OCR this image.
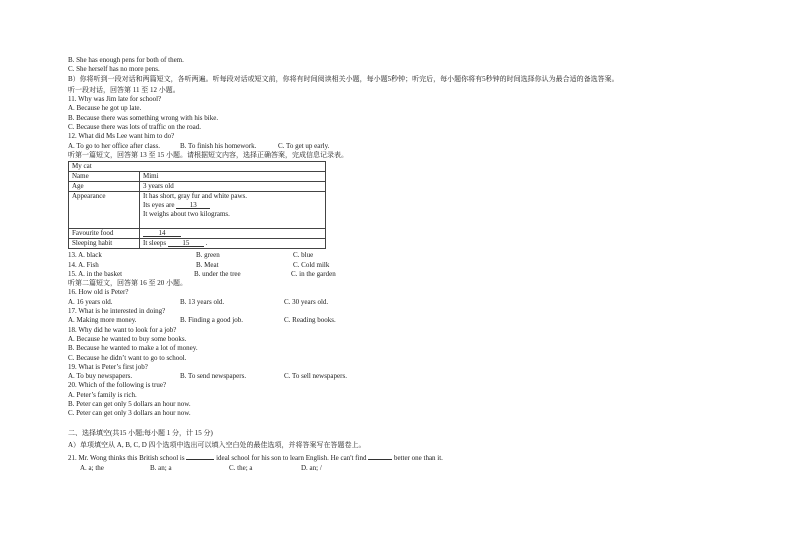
B. She has enough pens for both of them.
C. She herself has no more pens.
B）你将听到一段对话和两篇短文，各听两遍。听每段对话或短文前，你将有时间阅读相关小题，每小题5秒钟；听完后，每小题你将有5秒钟的时间选择你认为最合适的备选答案。
听一段对话，回答第 11 至 12 小题。
11. Why was Jim late for school?
A. Because he got up late.
B. Because there was something wrong with his bike.
C. Because there was lots of traffic on the road.
12. What did Ms Lee want him to do?
A. To go to her office after class.	B. To finish his homework.	C. To get up early.
听第一篇短文，回答第 13 至 15 小题。请根据短文内容，选择正确答案，完成信息记录表。
My cat	
Name	Mimi
Age	3 years old
Appearance	It has short, gray fur and white paws.
Its eyes are 13
It weighs about two kilograms.

Favourite food	14
Sleeping habit	It sleeps 15 .
13. A. black	B. green	C. blue
14. A. Fish	B. Meat	C. Cold milk
15. A. in the basket	B. under the tree	C. in the garden
听第二篇短文，回答第 16 至 20 小题。
16. How old is Peter?
A. 16 years old.	B. 13 years old.	C. 30 years old.
17. What is he interested in doing?
A. Making more money.	B. Finding a good job.	C. Reading books.
18. Why did he want to look for a job?
A. Because he wanted to buy some books.
B. Because he wanted to make a lot of money.
C. Because he didn’t want to go to school.
19. What is Peter’s first job?
A. To buy newspapers.	B. To send newspapers.	C. To sell newspapers.
20. Which of the following is true?
A. Peter’s family is rich.
B. Peter can get only 5 dollars an hour now.
C. Peter can get only 3 dollars an hour now.
二、选择填空(共15 小题;每小题 1 分，计 15 分)
A）单项填空从 A, B, C, D 四个选项中选出可以填入空白处的最佳选项，并将答案写在答题卷上。
21. Mr. Wong thinks this British school is	ideal school for his son to learn English. He can't find	better one than it.
A. a; the	B. an; a	C. the; a	D. an; /
